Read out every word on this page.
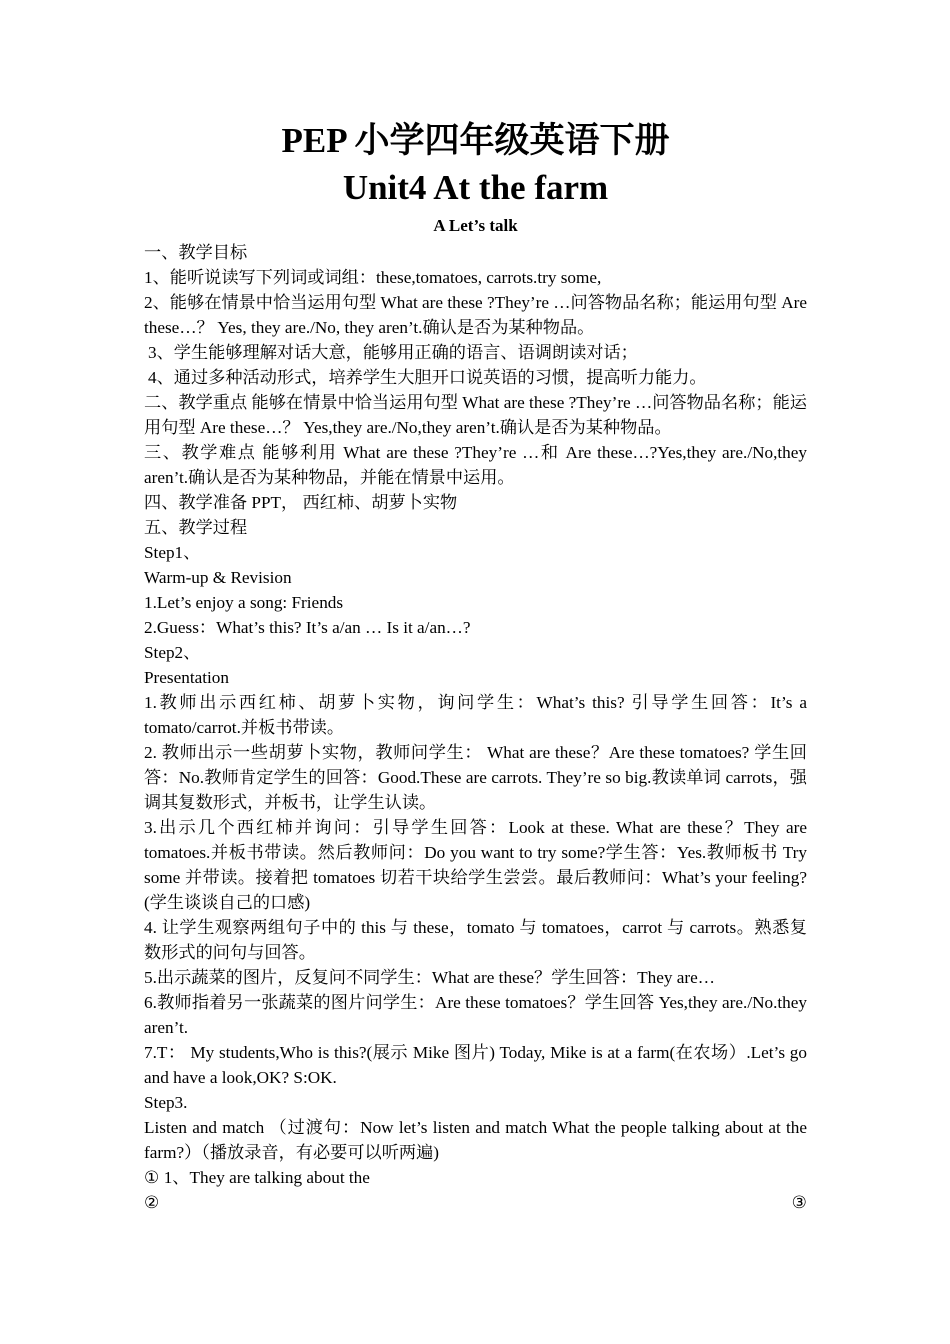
PEP 小学四年级英语下册
Unit4 At the farm
A Let’s talk
一、教学目标
1、能听说读写下列词或词组：these,tomatoes, carrots.try some,
2、能够在情景中恰当运用句型 What are these ?They’re …问答物品名称；能运用句型 Are these…？ Yes, they are./No, they aren’t.确认是否为某种物品。
3、学生能够理解对话大意，能够用正确的语言、语调朗读对话；
4、通过多种活动形式，培养学生大胆开口说英语的习惯，提高听力能力。
二、教学重点 能够在情景中恰当运用句型 What are these ?They’re …问答物品名称；能运用句型 Are these…？ Yes,they are./No,they aren’t.确认是否为某种物品。
三、教学难点 能够利用 What are these ?They’re …和 Are these…?Yes,they are./No,they aren’t.确认是否为某种物品，并能在情景中运用。
四、教学准备 PPT， 西红柿、胡萝卜实物
五、教学过程
Step1、
Warm-up & Revision
1.Let’s enjoy a song: Friends
2.Guess：What’s this? It’s a/an … Is it a/an…?
Step2、
Presentation
1.教师出示西红柿、胡萝卜实物，询问学生：What’s this? 引导学生回答：It’s a tomato/carrot.并板书带读。
2. 教师出示一些胡萝卜实物，教师问学生： What are these？Are these tomatoes? 学生回答：No.教师肯定学生的回答：Good.These are carrots. They’re so big.教读单词 carrots，强调其复数形式，并板书，让学生认读。
3.出示几个西红柿并询问：引导学生回答：Look at these. What are these？They are tomatoes.并板书带读。然后教师问：Do you want to try some?学生答：Yes.教师板书 Try some 并带读。接着把 tomatoes 切若干块给学生尝尝。最后教师问：What’s your feeling?(学生谈谈自己的口感)
4. 让学生观察两组句子中的 this 与 these，tomato 与 tomatoes，carrot 与 carrots。熟悉复数形式的问句与回答。
5.出示蔬菜的图片，反复问不同学生：What are these？学生回答：They are…
6.教师指着另一张蔬菜的图片问学生：Are these tomatoes？学生回答 Yes,they are./No.they aren’t.
7.T： My students,Who is this?(展示 Mike 图片) Today, Mike is at a farm(在农场）.Let’s go and have a look,OK? S:OK.
Step3.
Listen and match （过渡句：Now let’s listen and match What the people talking about at the farm?）（播放录音，有必要可以听两遍)
① 1、They are talking about the
②	③
